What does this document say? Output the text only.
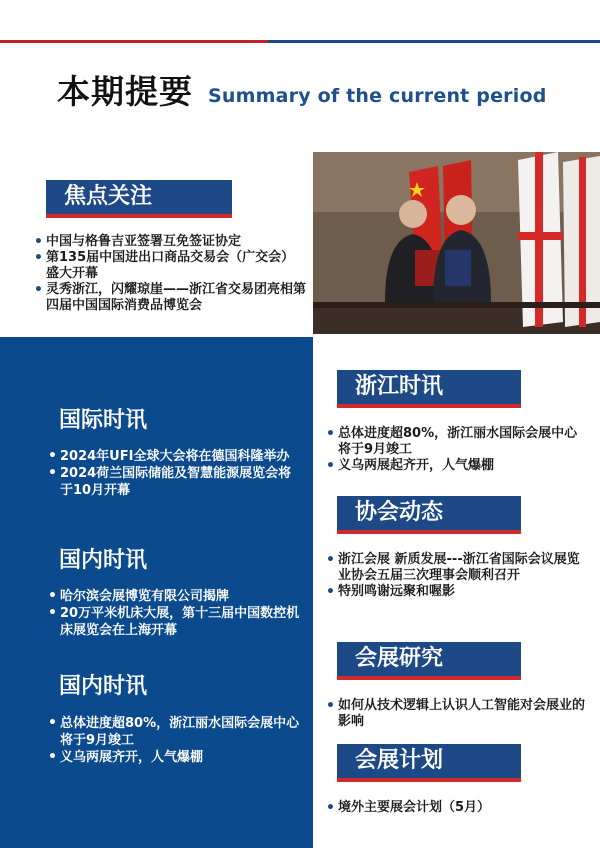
本期提要 Summary of the current period
焦点关注
• 中国与格鲁吉亚签署互免签证协定
• 第135届中国进出口商品交易会（广交会）盛大开幕
• 灵秀浙江，闪耀琼崖——浙江省交易团亮相第四届中国国际消费品博览会
国际时讯
• 2024年UFI全球大会将在德国科隆举办
• 2024荷兰国际储能及智慧能源展览会将于10月开幕
国内时讯
• 哈尔滨会展博览有限公司揭牌
• 20万平米机床大展，第十三届中国数控机床展览会在上海开幕
国内时讯
• 总体进度超80%，浙江丽水国际会展中心将于9月竣工
• 义乌两展齐开，人气爆棚
浙江时讯
• 总体进度超80%，浙江丽水国际会展中心将于9月竣工
• 义乌两展起齐开，人气爆棚
协会动态
• 浙江会展 新质发展---浙江省国际会议展览业协会五届三次理事会顺利召开
• 特别鸣谢远聚和喔影
会展研究
• 如何从技术逻辑上认识人工智能对会展业的影响
会展计划
• 境外主要展会计划（5月）
